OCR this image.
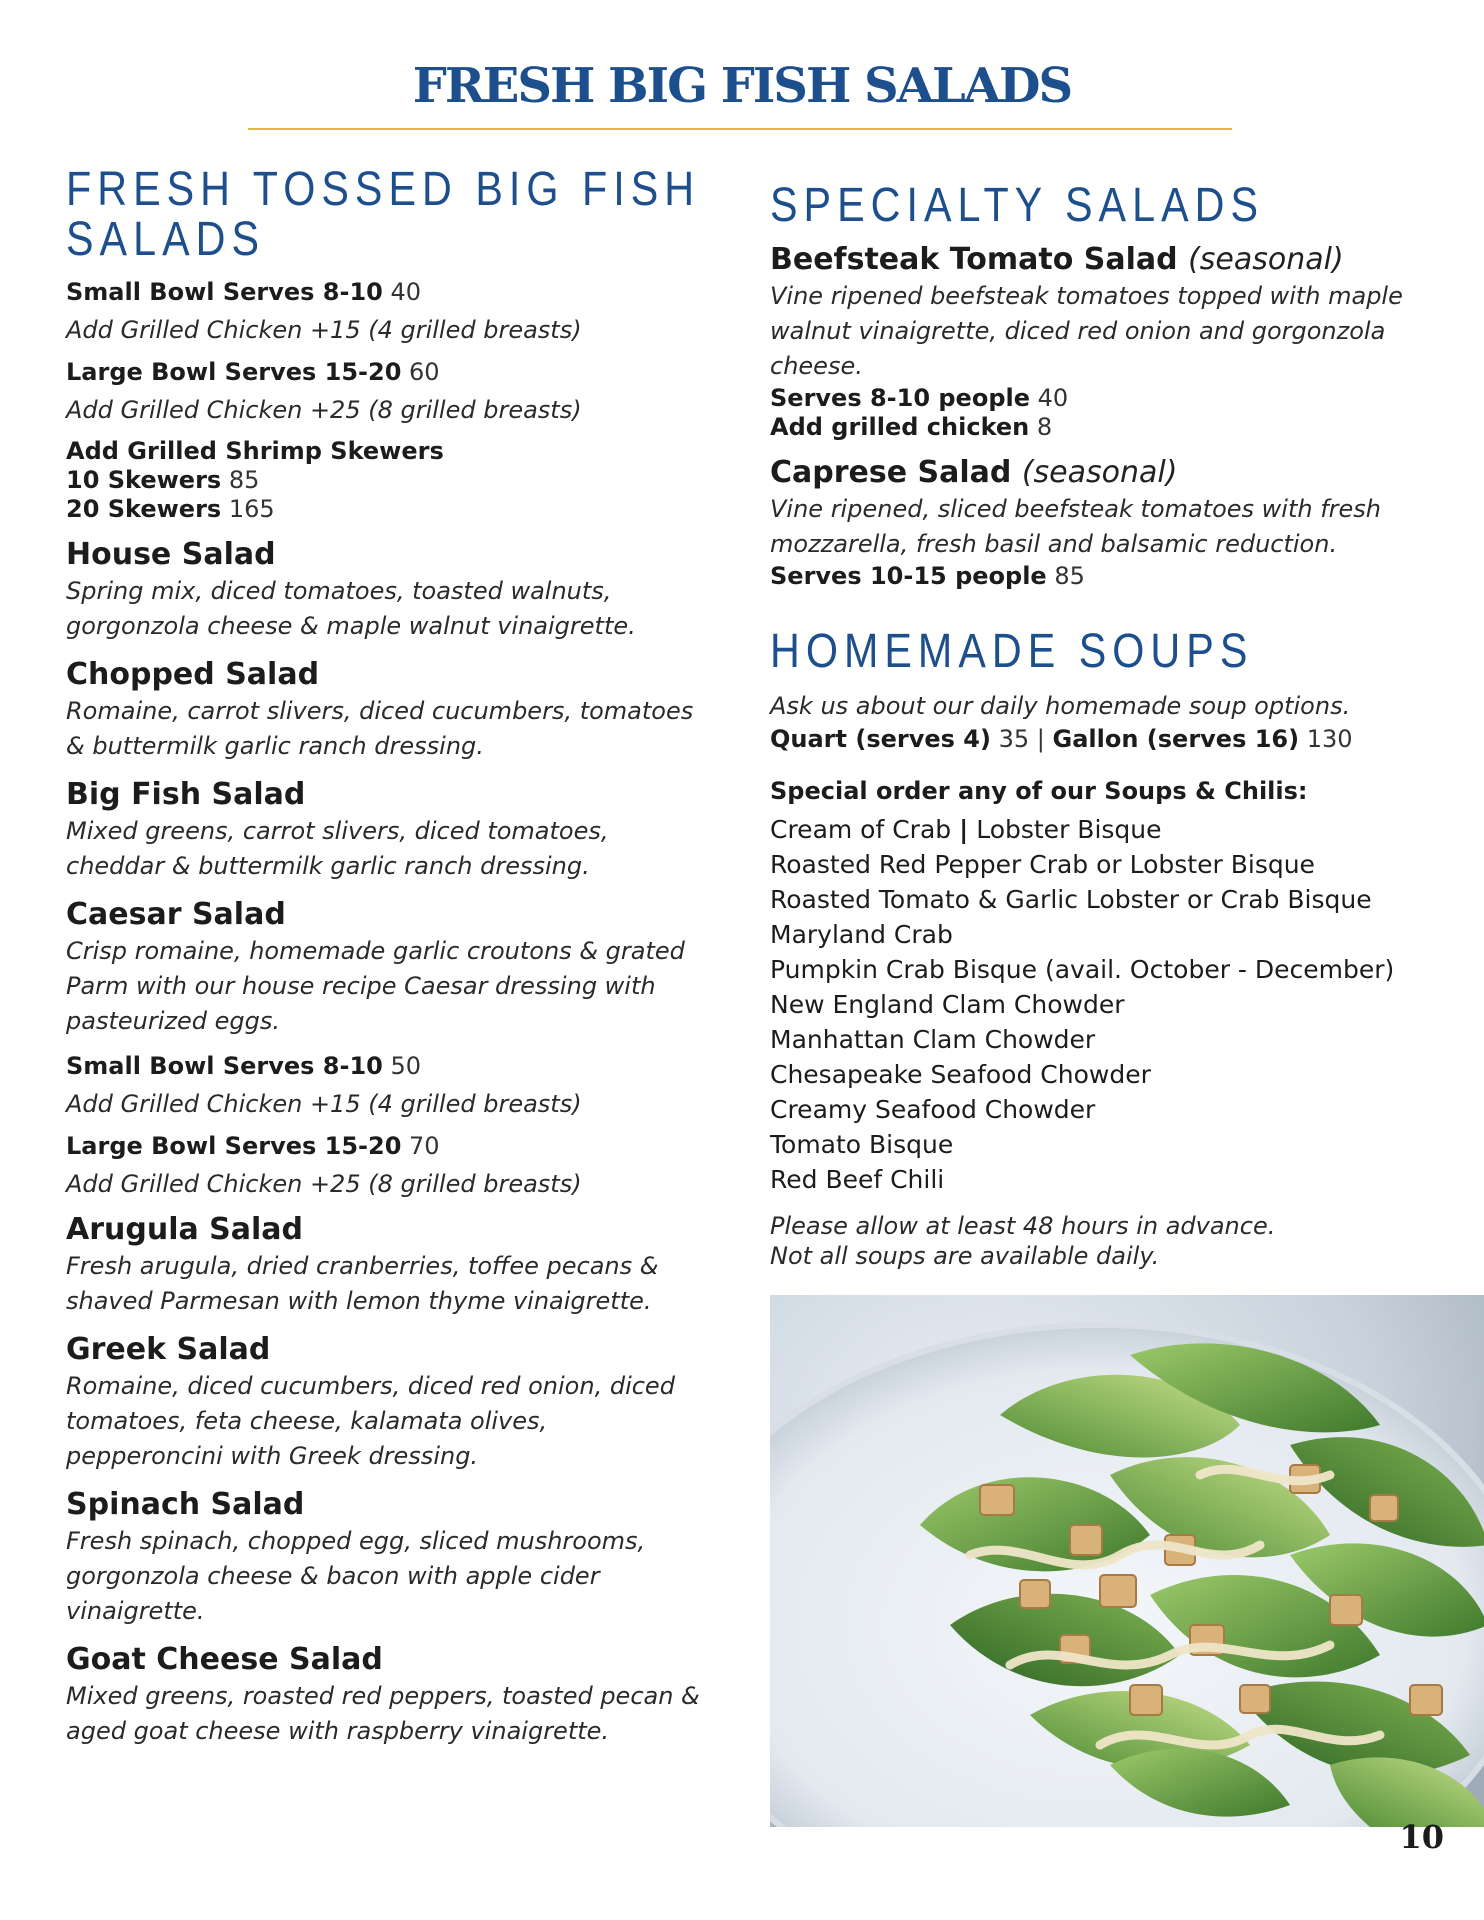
FRESH BIG FISH SALADS
FRESH TOSSED BIG FISH SALADS

Small Bowl Serves 8-10 40

Add Grilled Chicken +15 (4 grilled breasts)

Large Bowl Serves 15-20 60

Add Grilled Chicken +25 (8 grilled breasts)

Add Grilled Shrimp Skewers

10 Skewers 85

20 Skewers 165

House Salad

Spring mix, diced tomatoes, toasted walnuts, gorgonzola cheese & maple walnut vinaigrette.

Chopped Salad

Romaine, carrot slivers, diced cucumbers, tomatoes & buttermilk garlic ranch dressing.

Big Fish Salad

Mixed greens, carrot slivers, diced tomatoes, cheddar & buttermilk garlic ranch dressing.

Caesar Salad

Crisp romaine, homemade garlic croutons & grated Parm with our house recipe Caesar dressing with pasteurized eggs.

Small Bowl Serves 8-10 50

Add Grilled Chicken +15 (4 grilled breasts)

Large Bowl Serves 15-20 70

Add Grilled Chicken +25 (8 grilled breasts)

Arugula Salad

Fresh arugula, dried cranberries, toffee pecans & shaved Parmesan with lemon thyme vinaigrette.

Greek Salad

Romaine, diced cucumbers, diced red onion, diced tomatoes, feta cheese, kalamata olives, pepperoncini with Greek dressing.

Spinach Salad

Fresh spinach, chopped egg, sliced mushrooms, gorgonzola cheese & bacon with apple cider vinaigrette.

Goat Cheese Salad

Mixed greens, roasted red peppers, toasted pecan & aged goat cheese with raspberry vinaigrette.

SPECIALTY SALADS

Beefsteak Tomato Salad (seasonal)

Vine ripened beefsteak tomatoes topped with maple walnut vinaigrette, diced red onion and gorgonzola cheese.

Serves 8-10 people 40

Add grilled chicken 8

Caprese Salad (seasonal)

Vine ripened, sliced beefsteak tomatoes with fresh mozzarella, fresh basil and balsamic reduction.

Serves 10-15 people 85

HOMEMADE SOUPS

Ask us about our daily homemade soup options.

Quart (serves 4) 35 | Gallon (serves 16) 130

Special order any of our Soups & Chilis:

Cream of Crab | Lobster Bisque
Roasted Red Pepper Crab or Lobster Bisque
Roasted Tomato & Garlic Lobster or Crab Bisque
Maryland Crab
Pumpkin Crab Bisque (avail. October - December)
New England Clam Chowder
Manhattan Clam Chowder
Chesapeake Seafood Chowder
Creamy Seafood Chowder
Tomato Bisque
Red Beef Chili

Please allow at least 48 hours in advance.

Not all soups are available daily.

10
